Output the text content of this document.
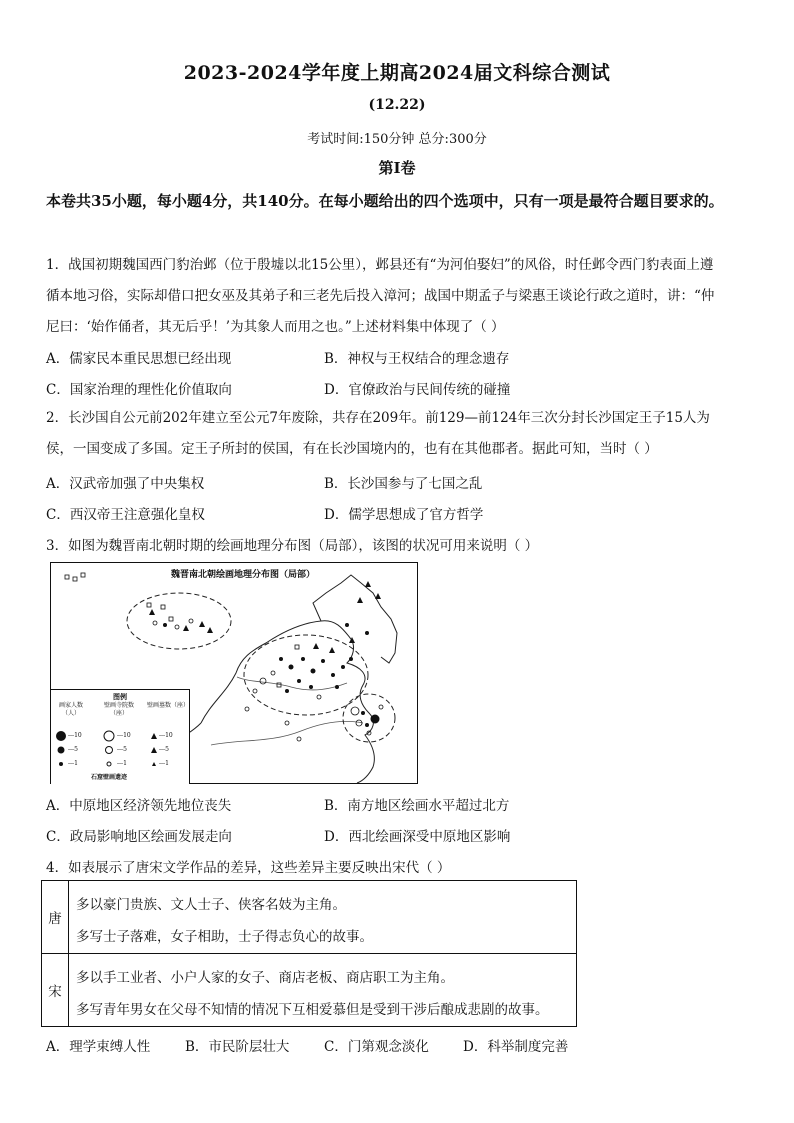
2023-2024学年度上期高2024届文科综合测试
(12.22)
考试时间:150分钟 总分:300分
第Ⅰ卷
本卷共35小题，每小题4分，共140分。在每小题给出的四个选项中，只有一项是最符合题目要求的。
1．战国初期魏国西门豹治邺（位于殷墟以北15公里），邺县还有“为河伯娶妇”的风俗，时任邺令西门豹表面上遵
循本地习俗，实际却借口把女巫及其弟子和三老先后投入漳河；战国中期孟子与梁惠王谈论行政之道时，讲：“仲
尼曰：‘始作俑者，其无后乎！’为其象人而用之也。”上述材料集中体现了（ ）
A．儒家民本重民思想已经出现	B．神权与王权结合的理念遗存
C．国家治理的理性化价值取向	D．官僚政治与民间传统的碰撞
2．长沙国自公元前202年建立至公元7年废除，共存在209年。前129—前124年三次分封长沙国定王子15人为
侯，一国变成了多国。定王子所封的侯国，有在长沙国境内的，也有在其他郡者。据此可知，当时（ ）
A．汉武帝加强了中央集权	B．长沙国参与了七国之乱
C．西汉帝王注意强化皇权	D．儒学思想成了官方哲学
3．如图为魏晋南北朝时期的绘画地理分布图（局部），该图的状况可用来说明（ ）
魏晋南北朝绘画地理分布图（局部）
图例
画家人数（人）
壁画寺院数（座）
壁画墓数（座）
---10
---5
---1
---10
---5
---1
---10
---5
---1
石窟壁画遗迹
A．中原地区经济领先地位丧失	B．南方地区绘画水平超过北方
C．政局影响地区绘画发展走向	D．西北绘画深受中原地区影响
4．如表展示了唐宋文学作品的差异，这些差异主要反映出宋代（ ）
唐
多以豪门贵族、文人士子、侠客名妓为主角。
多写士子落难，女子相助，士子得志负心的故事。
宋
多以手工业者、小户人家的女子、商店老板、商店职工为主角。
多写青年男女在父母不知情的情况下互相爱慕但是受到干涉后酿成悲剧的故事。
A．理学束缚人性	B．市民阶层壮大	C．门第观念淡化	D．科举制度完善
